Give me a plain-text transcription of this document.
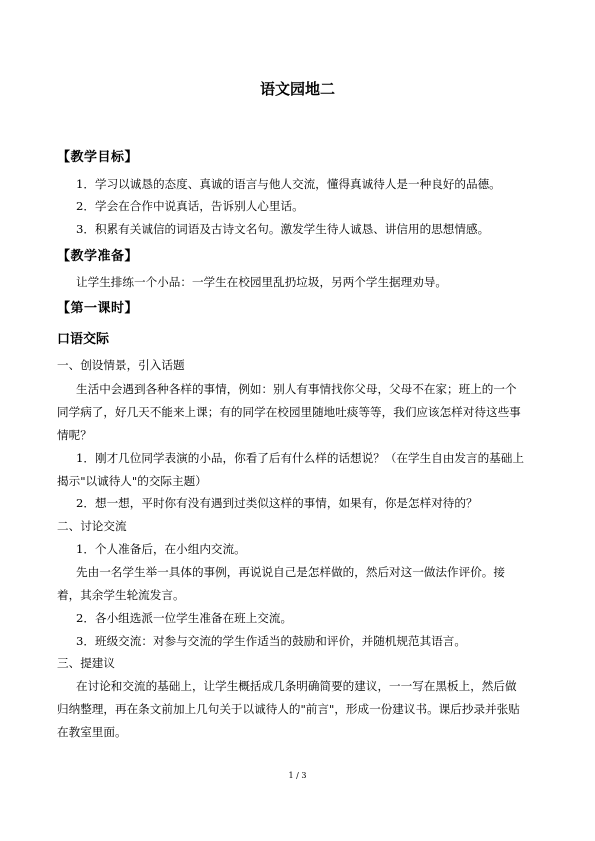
语文园地二
【教学目标】
1．学习以诚恳的态度、真诚的语言与他人交流，懂得真诚待人是一种良好的品德。
2．学会在合作中说真话，告诉别人心里话。
3．积累有关诚信的词语及古诗文名句。激发学生待人诚恳、讲信用的思想情感。
【教学准备】
让学生排练一个小品：一学生在校园里乱扔垃圾，另两个学生据理劝导。
【第一课时】
口语交际
一、创设情景，引入话题
生活中会遇到各种各样的事情，例如：别人有事情找你父母，父母不在家；班上的一个
同学病了，好几天不能来上课；有的同学在校园里随地吐痰等等，我们应该怎样对待这些事
情呢？
1．刚才几位同学表演的小品，你看了后有什么样的话想说？（在学生自由发言的基础上
揭示"以诚待人"的交际主题）
2．想一想，平时你有没有遇到过类似这样的事情，如果有，你是怎样对待的？
二、讨论交流
1．个人准备后，在小组内交流。
先由一名学生举一具体的事例，再说说自己是怎样做的，然后对这一做法作评价。接
着，其余学生轮流发言。
2．各小组选派一位学生准备在班上交流。
3．班级交流：对参与交流的学生作适当的鼓励和评价，并随机规范其语言。
三、提建议
在讨论和交流的基础上，让学生概括成几条明确简要的建议，一一写在黑板上，然后做
归纳整理，再在条文前加上几句关于以诚待人的"前言"，形成一份建议书。课后抄录并张贴
在教室里面。
1 / 3
